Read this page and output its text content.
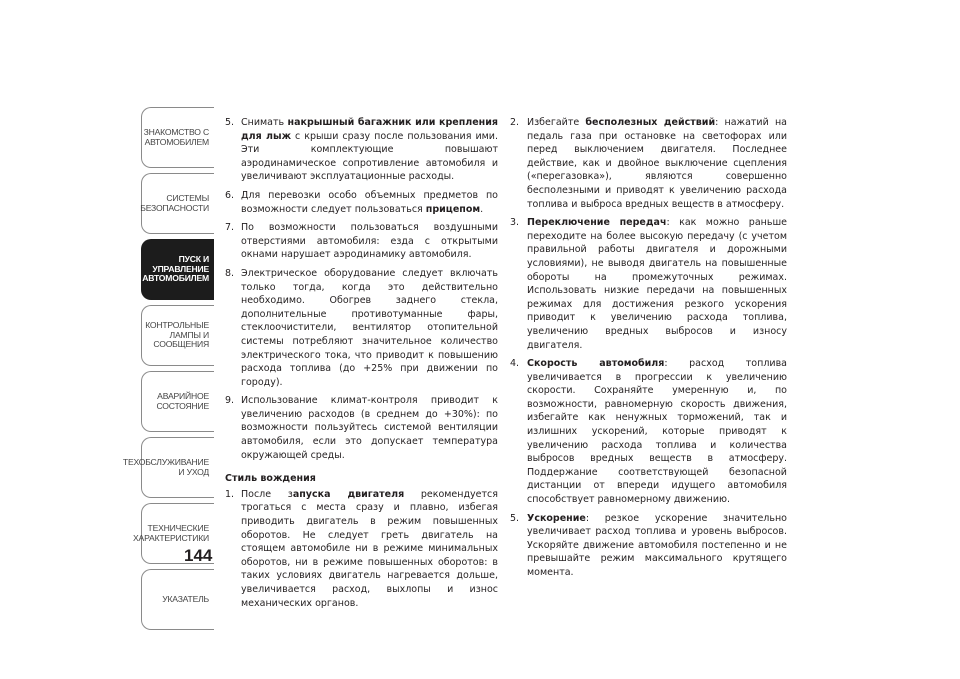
ЗНАКОМСТВО С
АВТОМОБИЛЕМ
СИСТЕМЫ
БЕЗОПАСНОСТИ
ПУСК И
УПРАВЛЕНИЕ
АВТОМОБИЛЕМ
КОНТРОЛЬНЫЕ
ЛАМПЫ И
СООБЩЕНИЯ
АВАРИЙНОЕ
СОСТОЯНИЕ
ТЕХОБСЛУЖИВАНИЕ
И УХОД
ТЕХНИЧЕСКИЕ
ХАРАКТЕРИСТИКИ
УКАЗАТЕЛЬ
144
5. Снимать накрышный багажник или крепления для лыж с крыши сразу после пользования ими. Эти комплектующие повышают аэродинамическое сопротивление автомобиля и увеличивают эксплуатационные расходы.
6. Для перевозки особо объемных предметов по возможности следует пользоваться прицепом.
7. По возможности пользоваться воздушными отверстиями автомобиля: езда с открытыми окнами нарушает аэродинамику автомобиля.
8. Электрическое оборудование следует включать только тогда, когда это действительно необходимо. Обогрев заднего стекла, дополнительные противотуманные фары, стеклоочистители, вентилятор отопительной системы потребляют значительное количество электрического тока, что приводит к повышению расхода топлива (до +25% при движении по городу).
9. Использование климат-контроля приводит к увеличению расходов (в среднем до +30%): по возможности пользуйтесь системой вентиляции автомобиля, если это допускает температура окружающей среды.
Стиль вождения
1. После запуска двигателя рекомендуется трогаться с места сразу и плавно, избегая приводить двигатель в режим повышенных оборотов. Не следует греть двигатель на стоящем автомобиле ни в режиме минимальных оборотов, ни в режиме повышенных оборотов: в таких условиях двигатель нагревается дольше, увеличивается расход, выхлопы и износ механических органов.
2. Избегайте бесполезных действий: нажатий на педаль газа при остановке на светофорах или перед выключением двигателя. Последнее действие, как и двойное выключение сцепления («перегазовка»), являются совершенно бесполезными и приводят к увеличению расхода топлива и выброса вредных веществ в атмосферу.
3. Переключение передач: как можно раньше переходите на более высокую передачу (с учетом правильной работы двигателя и дорожными условиями), не выводя двигатель на повышенные обороты на промежуточных режимах. Использовать низкие передачи на повышенных режимах для достижения резкого ускорения приводит к увеличению расхода топлива, увеличению вредных выбросов и износу двигателя.
4. Скорость автомобиля: расход топлива увеличивается в прогрессии к увеличению скорости. Сохраняйте умеренную и, по возможности, равномерную скорость движения, избегайте как ненужных торможений, так и излишних ускорений, которые приводят к увеличению расхода топлива и количества выбросов вредных веществ в атмосферу. Поддержание соответствующей безопасной дистанции от впереди идущего автомобиля способствует равномерному движению.
5. Ускорение: резкое ускорение значительно увеличивает расход топлива и уровень выбросов. Ускоряйте движение автомобиля постепенно и не превышайте режим максимального крутящего момента.
